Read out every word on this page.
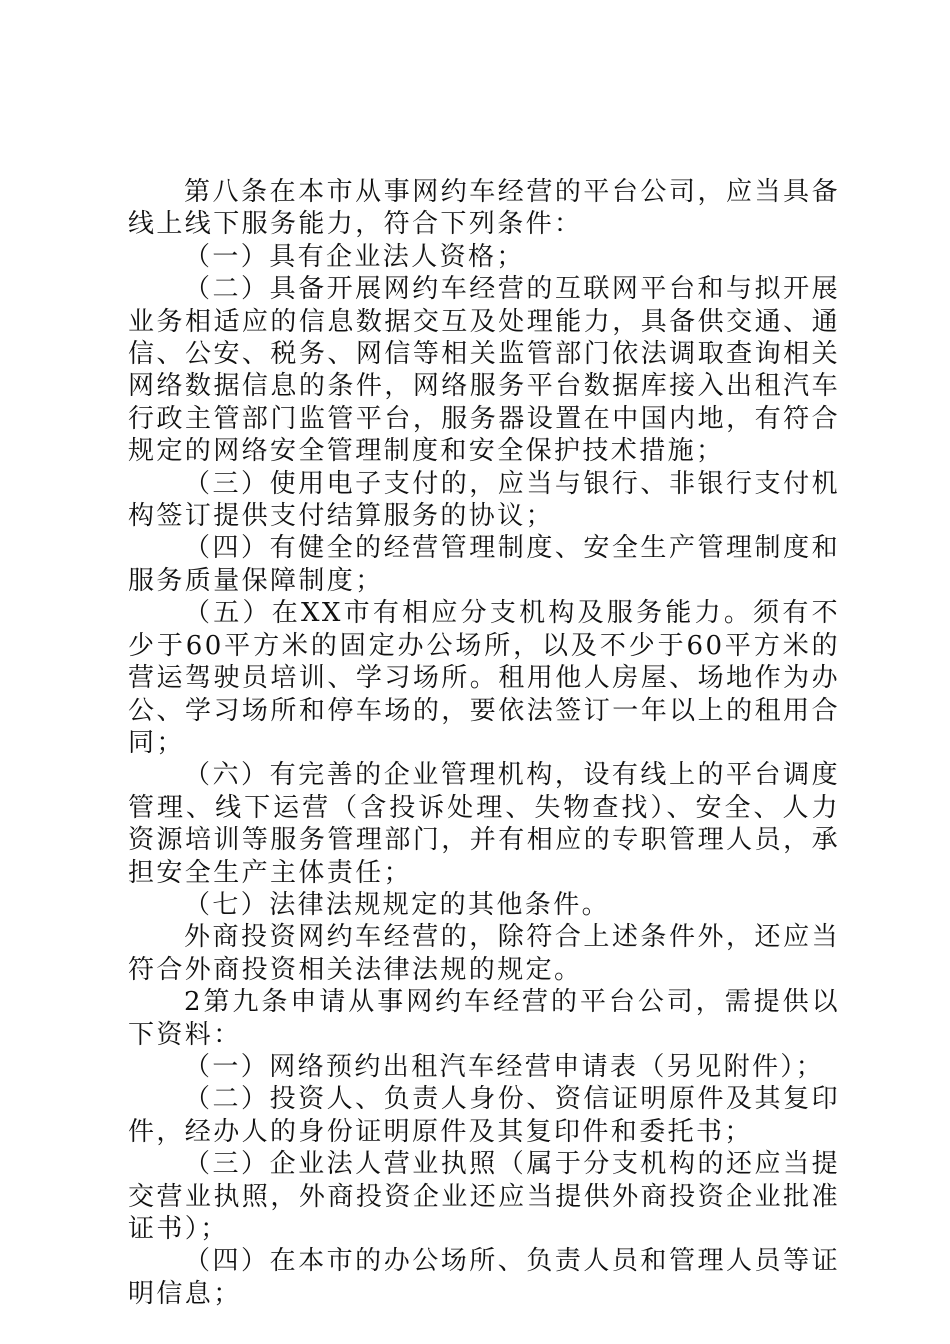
第八条在本市从事网约车经营的平台公司，应当具备线上线下服务能力，符合下列条件：

（一）具有企业法人资格；

（二）具备开展网约车经营的互联网平台和与拟开展业务相适应的信息数据交互及处理能力，具备供交通、通信、公安、税务、网信等相关监管部门依法调取查询相关网络数据信息的条件，网络服务平台数据库接入出租汽车行政主管部门监管平台，服务器设置在中国内地，有符合规定的网络安全管理制度和安全保护技术措施；

（三）使用电子支付的，应当与银行、非银行支付机构签订提供支付结算服务的协议；

（四）有健全的经营管理制度、安全生产管理制度和服务质量保障制度；

（五）在XX市有相应分支机构及服务能力。须有不少于60平方米的固定办公场所，以及不少于60平方米的营运驾驶员培训、学习场所。租用他人房屋、场地作为办公、学习场所和停车场的，要依法签订一年以上的租用合同；

（六）有完善的企业管理机构，设有线上的平台调度管理、线下运营（含投诉处理、失物查找）、安全、人力资源培训等服务管理部门，并有相应的专职管理人员，承担安全生产主体责任；

（七）法律法规规定的其他条件。

外商投资网约车经营的，除符合上述条件外，还应当符合外商投资相关法律法规的规定。

2第九条申请从事网约车经营的平台公司，需提供以下资料：

（一）网络预约出租汽车经营申请表（另见附件）；

（二）投资人、负责人身份、资信证明原件及其复印件，经办人的身份证明原件及其复印件和委托书；

（三）企业法人营业执照（属于分支机构的还应当提交营业执照，外商投资企业还应当提供外商投资企业批准证书）；

（四）在本市的办公场所、负责人员和管理人员等证明信息；
